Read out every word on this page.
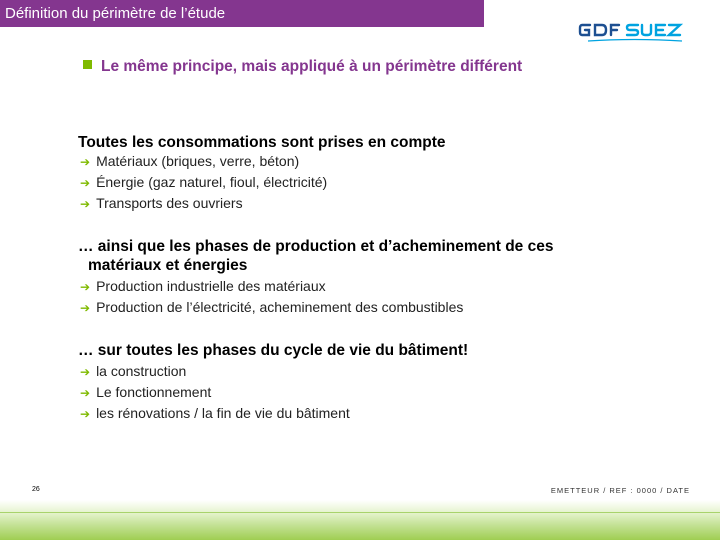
Définition du périmètre de l’étude
Le même principe, mais appliqué à un périmètre différent
Toutes les consommations sont prises en compte
➔ Matériaux (briques, verre, béton)
➔ Énergie (gaz naturel, fioul, électricité)
➔ Transports des ouvriers
… ainsi que les phases de production et d’acheminement de ces
matériaux et énergies
➔ Production industrielle des matériaux
➔ Production de l’électricité, acheminement des combustibles
… sur toutes les phases du cycle de vie du bâtiment!
➔ la construction
➔ Le fonctionnement
➔ les rénovations / la fin de vie du bâtiment
26	EMETTEUR / REF : 0000 / DATE
